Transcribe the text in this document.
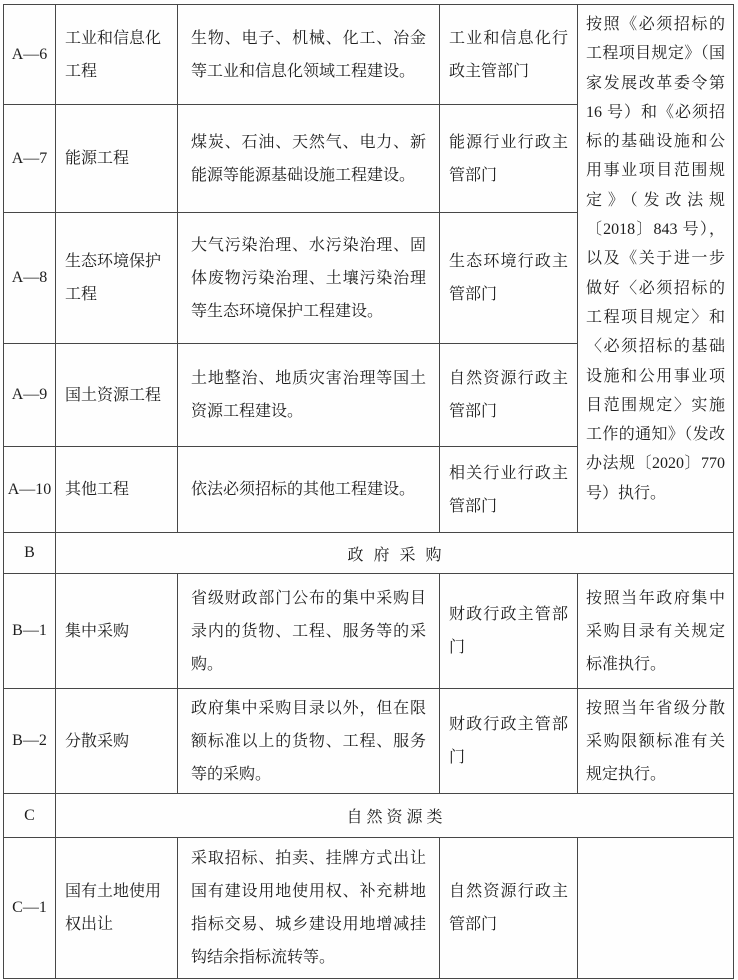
A—6	工业和信息化工程	生物、电子、机械、化工、冶金等工业和信息化领域工程建设。	工业和信息化行政主管部门	按照《必须招标的工程项目规定》（国家发展改革委令第 16 号）和《必须招标的基础设施和公用事业项目范围规定》（发改法规〔2018〕843 号），以及《关于进一步做好〈必须招标的工程项目规定〉和〈必须招标的基础设施和公用事业项目范围规定〉实施工作的通知》（发改办法规〔2020〕770 号）执行。
A—7	能源工程	煤炭、石油、天然气、电力、新能源等能源基础设施工程建设。	能源行业行政主管部门	
A—8	生态环境保护工程	大气污染治理、水污染治理、固体废物污染治理、土壤污染治理等生态环境保护工程建设。	生态环境行政主管部门	
A—9	国土资源工程	土地整治、地质灾害治理等国土资源工程建设。	自然资源行政主管部门	
A—10	其他工程	依法必须招标的其他工程建设。	相关行业行政主管部门	
B	政府采购			
B—1	集中采购	省级财政部门公布的集中采购目录内的货物、工程、服务等的采购。	财政行政主管部门	按照当年政府集中采购目录有关规定标准执行。
B—2	分散采购	政府集中采购目录以外，但在限额标准以上的货物、工程、服务等的采购。	财政行政主管部门	按照当年省级分散采购限额标准有关规定执行。
C	自然资源类			
C—1	国有土地使用权出让	采取招标、拍卖、挂牌方式出让国有建设用地使用权、补充耕地指标交易、城乡建设用地增减挂钩结余指标流转等。	自然资源行政主管部门	
